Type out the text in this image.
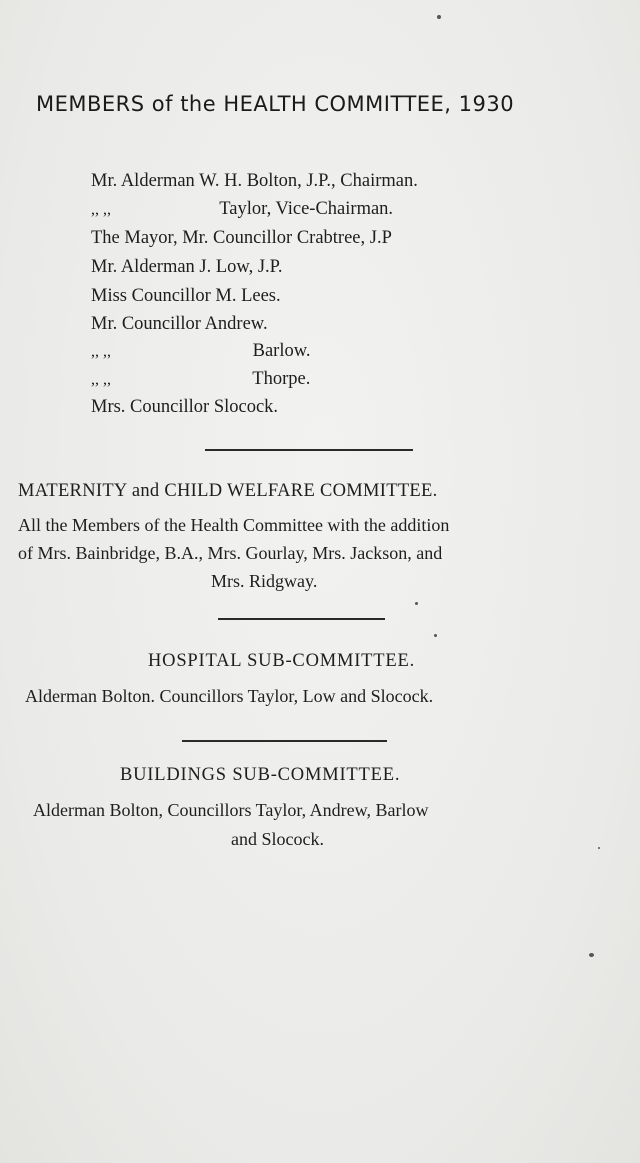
MEMBERS of the HEALTH COMMITTEE, 1930
Mr. Alderman W. H. Bolton, J.P., Chairman.
,, ,,	Taylor, Vice-Chairman.
The Mayor, Mr. Councillor Crabtree, J.P
Mr. Alderman J. Low, J.P.
Miss Councillor M. Lees.
Mr. Councillor Andrew.
,, ,,	Barlow.
,, ,,	Thorpe.
Mrs. Councillor Slocock.
MATERNITY and CHILD WELFARE COMMITTEE.
All the Members of the Health Committee with the addition
of Mrs. Bainbridge, B.A., Mrs. Gourlay, Mrs. Jackson, and
Mrs. Ridgway.
HOSPITAL SUB-COMMITTEE.
Alderman Bolton. Councillors Taylor, Low and Slocock.
BUILDINGS SUB-COMMITTEE.
Alderman Bolton, Councillors Taylor, Andrew, Barlow
and Slocock.
